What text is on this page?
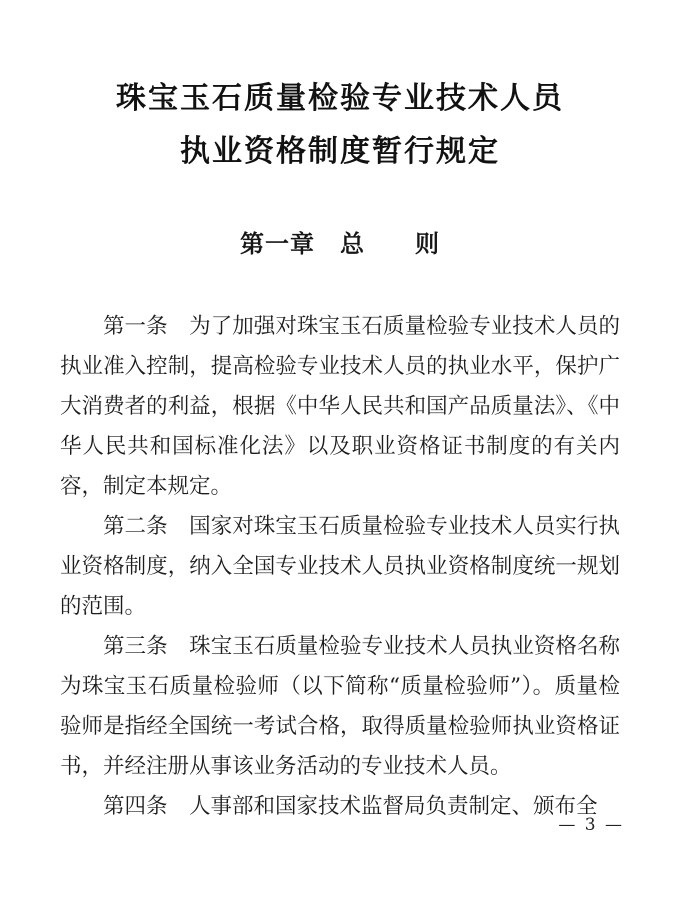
珠宝玉石质量检验专业技术人员
执业资格制度暂行规定
第一章　总　　则

第一条　为了加强对珠宝玉石质量检验专业技术人员的执业准入控制，提高检验专业技术人员的执业水平，保护广大消费者的利益，根据《中华人民共和国产品质量法》、《中华人民共和国标准化法》以及职业资格证书制度的有关内容，制定本规定。

第二条　国家对珠宝玉石质量检验专业技术人员实行执业资格制度，纳入全国专业技术人员执业资格制度统一规划的范围。

第三条　珠宝玉石质量检验专业技术人员执业资格名称为珠宝玉石质量检验师（以下简称“质量检验师”）。质量检验师是指经全国统一考试合格，取得质量检验师执业资格证书，并经注册从事该业务活动的专业技术人员。

第四条　人事部和国家技术监督局负责制定、颁布全

— 3 —
